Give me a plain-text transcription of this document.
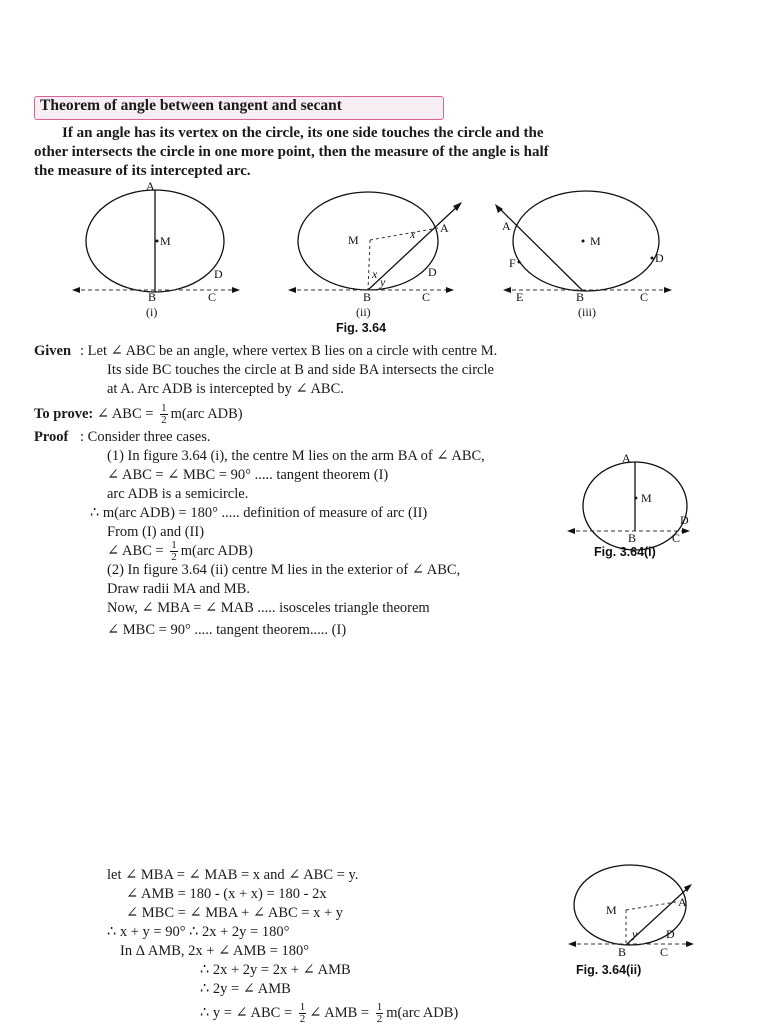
Theorem of angle between tangent and secant
If an angle has its vertex on the circle, its one side touches the circle and the
other intersects the circle in one more point, then the measure of the angle is half
the measure of its intercepted arc.
A
M
D
B	C
(i)
M
A
x
x
y
D
B	C
(ii)
A
M
F	D
E	B	C
(iii)
Fig. 3.64
A
M
D
B	C
Fig. 3.64(i)
M
A
D
B	C
y
Fig. 3.64(ii)
Given : Let ∠ ABC be an angle, where vertex B lies on a circle with centre M.
Its side BC touches the circle at B and side BA intersects the circle
at A. Arc ADB is intercepted by ∠ ABC.
To prove: ∠ ABC = $\frac{1}{2} m(arc$ ADB)
Proof : Consider three cases.
(1) In figure 3.64 (i), the centre M lies on the arm BA of ∠ ABC,
∠ ABC = ∠ MBC = 90° ..... tangent theorem (I)
arc ADB is a semicircle.
∴ m(arc ADB) = 180° ..... definition of measure of arc (II)
From (I) and (II)
∠ ABC = $\frac{1}{2} m(arc$ ADB)
(2) In figure 3.64 (ii) centre M lies in the exterior of ∠ ABC,
Draw radii MA and MB.
Now, ∠ MBA = ∠ MAB ..... isosceles triangle theorem
∠ MBC = 90° ..... tangent theorem..... (I)
let ∠ MBA = ∠ MAB = x and ∠ ABC = y.
∠ AMB = 180 - (x + x) = 180 - 2x
∠ MBC = ∠ MBA + ∠ ABC = x + y
∴ x + y = 90° ∴ 2x + 2y = 180°
In Δ AMB, 2x + ∠ AMB = 180°
∴ 2x + 2y = 2x + ∠ AMB
∴ 2y = ∠ AMB
∴ y = ∠ ABC = $\frac{1}{2}$ ∠ AMB = $\frac{1}{2} m(arc$ ADB)
